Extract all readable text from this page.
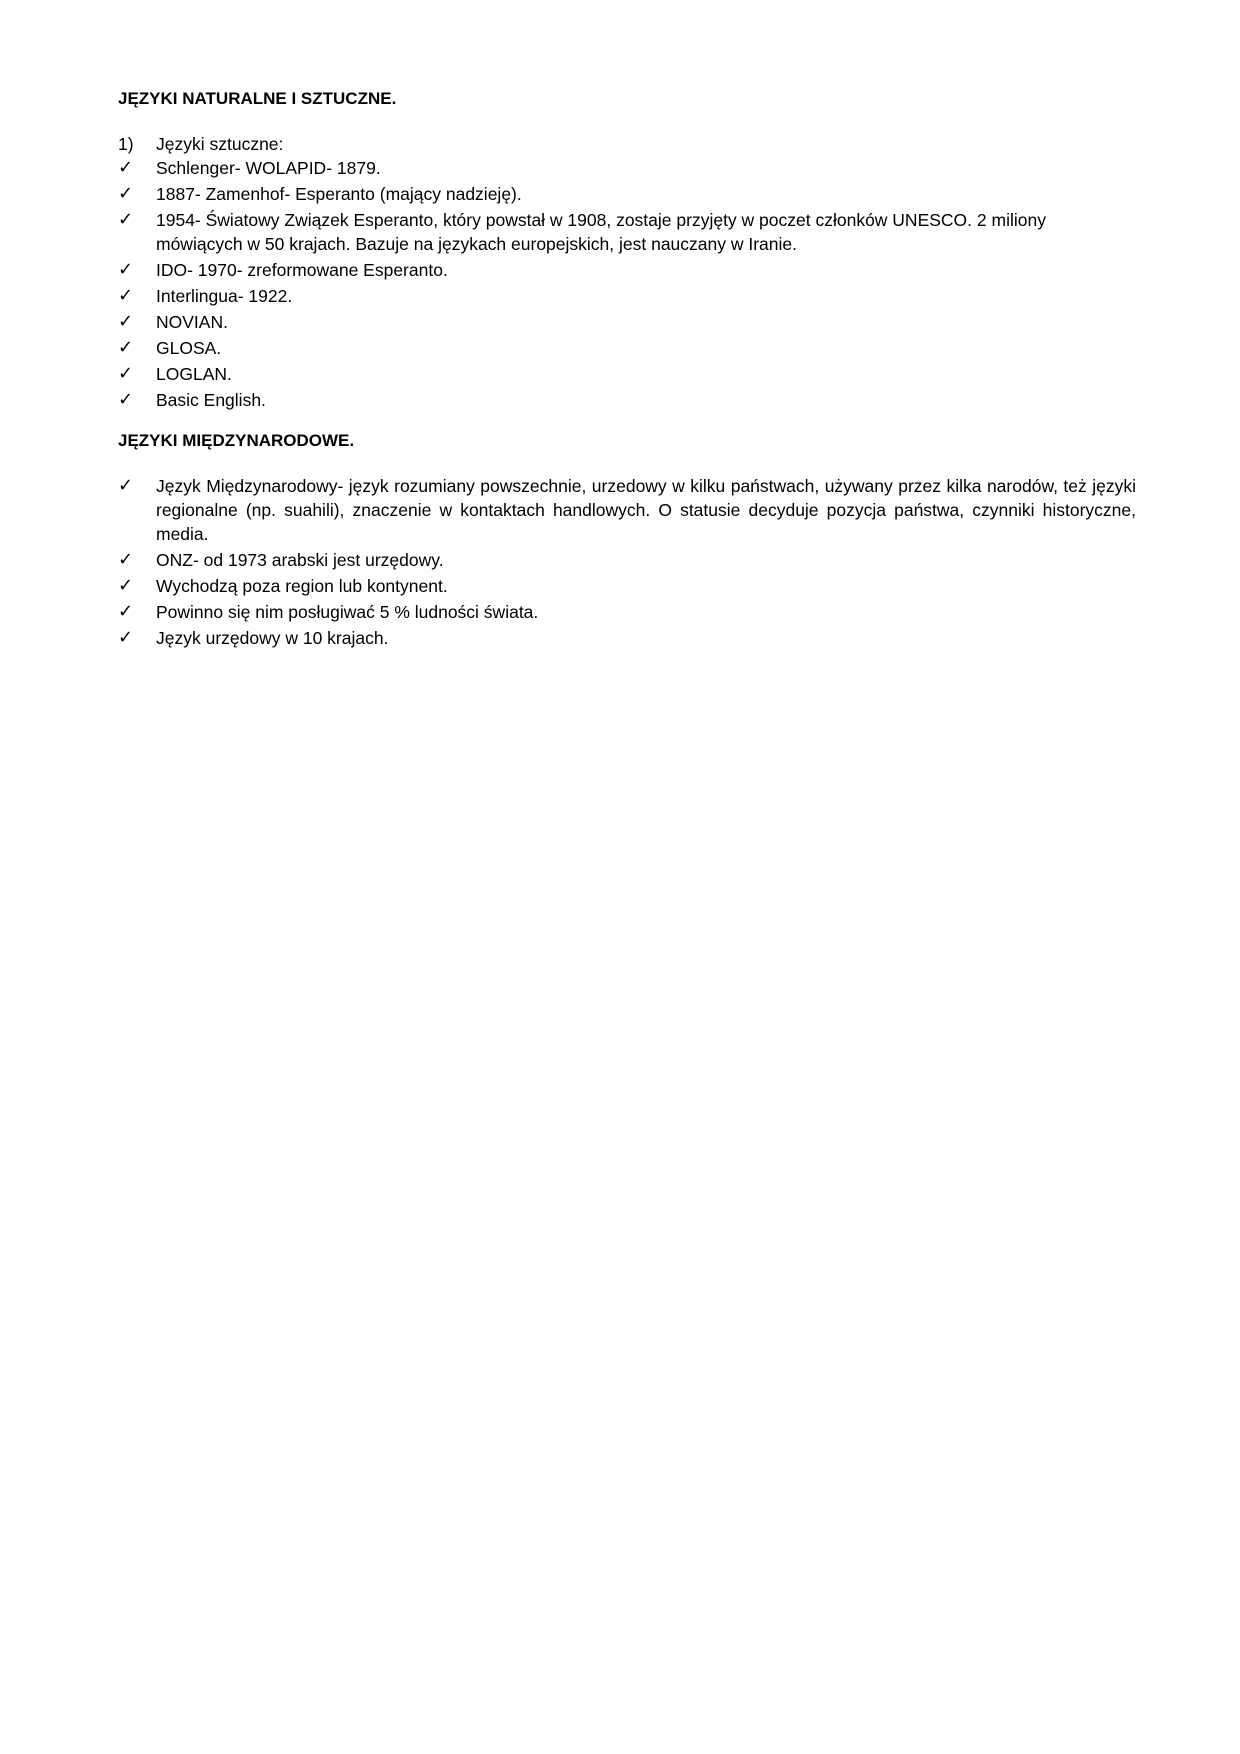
JĘZYKI NATURALNE I SZTUCZNE.

1)	Języki sztuczne:

✓	Schlenger- WOLAPID- 1879.
✓	1887- Zamenhof- Esperanto (mający nadzieję).
✓	1954- Światowy Związek Esperanto, który powstał w 1908, zostaje przyjęty w poczet członków UNESCO. 2 miliony mówiących w 50 krajach. Bazuje na językach europejskich, jest nauczany w Iranie.
✓	IDO- 1970- zreformowane Esperanto.
✓	Interlingua- 1922.
✓	NOVIAN.
✓	GLOSA.
✓	LOGLAN.
✓	Basic English.

JĘZYKI MIĘDZYNARODOWE.

✓	Język Międzynarodowy- język rozumiany powszechnie, urzedowy w kilku państwach, używany przez kilka narodów, też języki regionalne (np. suahili), znaczenie w kontaktach handlowych. O statusie decyduje pozycja państwa, czynniki historyczne, media.
✓	ONZ- od 1973 arabski jest urzędowy.
✓	Wychodzą poza region lub kontynent.
✓	Powinno się nim posługiwać 5 % ludności świata.
✓	Język urzędowy w 10 krajach.
